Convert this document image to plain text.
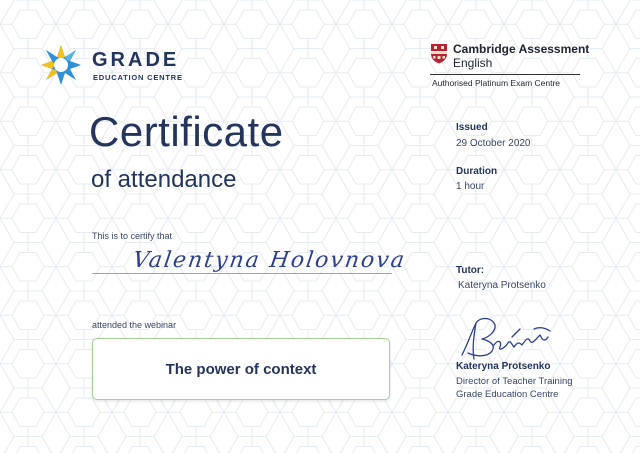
GRADE
EDUCATION CENTRE
Cambridge Assessment
English
Authorised Platinum Exam Centre
Certificate
of attendance
Issued
29 October 2020
Duration
1 hour
Tutor:
Kateryna Protsenko
This is to certify that
Valentyna Holovnova
attended the webinar
The power of context	Kateryna Protsenko
Director of Teacher Training
Grade Education Centre
